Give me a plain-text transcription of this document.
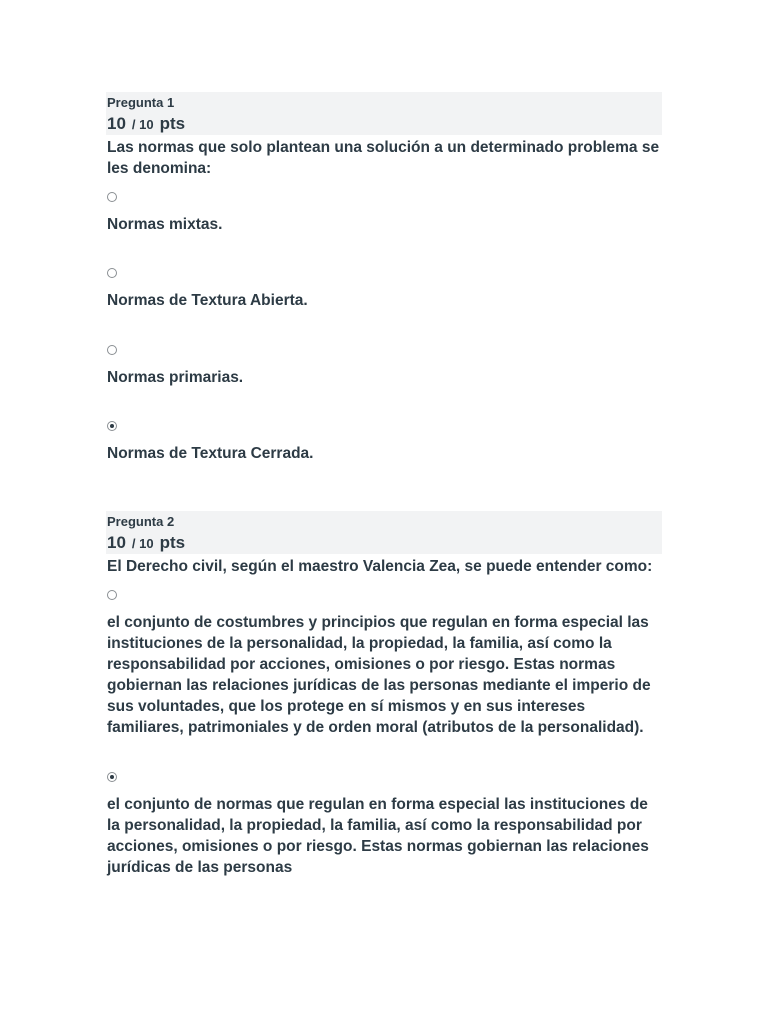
Pregunta 1
10 / 10 pts
Las normas que solo plantean una solución a un determinado problema se les denomina:
Normas mixtas.
Normas de Textura Abierta.
Normas primarias.
Normas de Textura Cerrada.
Pregunta 2
10 / 10 pts
El Derecho civil, según el maestro Valencia Zea, se puede entender como:
el conjunto de costumbres y principios que regulan en forma especial las instituciones de la personalidad, la propiedad, la familia, así como la responsabilidad por acciones, omisiones o por riesgo. Estas normas gobiernan las relaciones jurídicas de las personas mediante el imperio de sus voluntades, que los protege en sí mismos y en sus intereses familiares, patrimoniales y de orden moral (atributos de la personalidad).
el conjunto de normas que regulan en forma especial las instituciones de la personalidad, la propiedad, la familia, así como la responsabilidad por acciones, omisiones o por riesgo. Estas normas gobiernan las relaciones jurídicas de las personas
